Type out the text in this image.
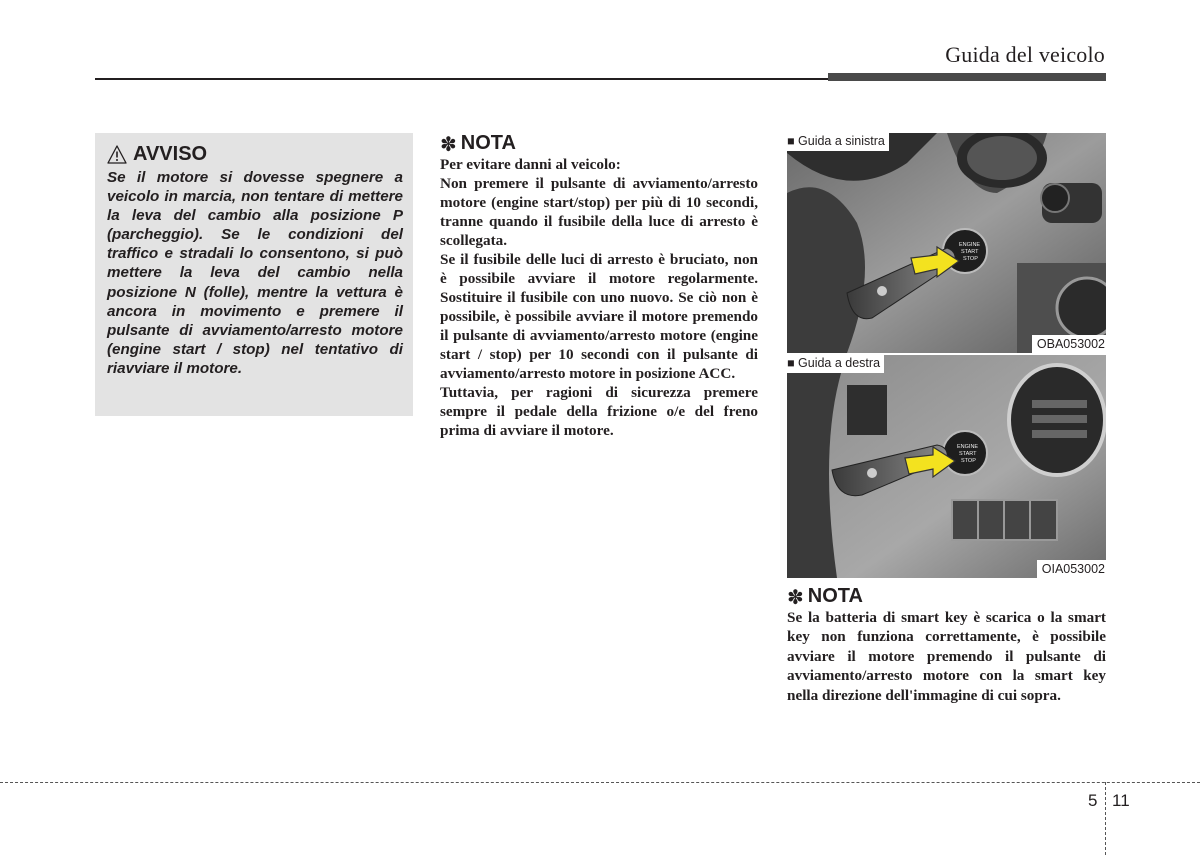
Guida del veicolo
AVVISO

Se il motore si dovesse spegnere a veicolo in marcia, non tentare di mettere la leva del cambio alla posizione P (parcheggio). Se le condizioni del traffico e stradali lo consentono, si può mettere la leva del cambio nella posizione N (folle), mentre la vettura è ancora in movimento e premere il pulsante di avviamento/arresto motore (engine start / stop) nel tentativo di riavviare il motore.

✽ NOTA

Per evitare danni al veicolo:

Non premere il pulsante di avviamento/arresto motore (engine start/stop) per più di 10 secondi, tranne quando il fusibile della luce di arresto è scollegata.

Se il fusibile delle luci di arresto è bruciato, non è possibile avviare il motore regolarmente. Sostituire il fusibile con uno nuovo. Se ciò non è possibile, è possibile avviare il motore premendo il pulsante di avviamento/arresto motore (engine start / stop) per 10 secondi con il pulsante di avviamento/arresto motore in posizione ACC.

Tuttavia, per ragioni di sicurezza premere sempre il pedale della frizione o/e del freno prima di avviare il motore.

ENGINE
START
STOP
■ Guida a sinistra
OBA053002
ENGINE
START
STOP
■ Guida a destra
OIA053002
✽ NOTA

Se la batteria di smart key è scarica o la smart key non funziona correttamente, è possibile avviare il motore premendo il pulsante di avviamento/arresto motore con la smart key nella direzione dell'immagine di cui sopra.

5 11
